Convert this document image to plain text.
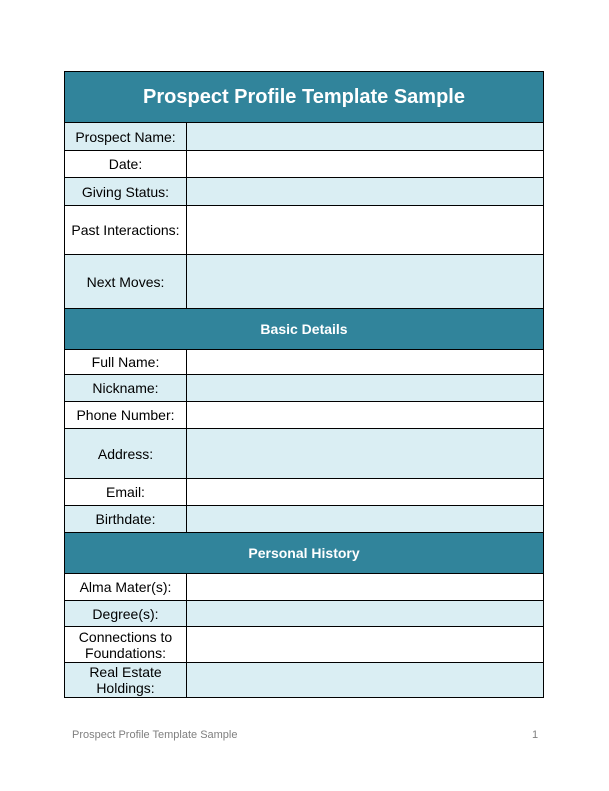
Prospect Profile Template Sample	
Prospect Name:	
Date:	
Giving Status:	
Past Interactions:	
Next Moves:	
Basic Details	
Full Name:	
Nickname:	
Phone Number:	
Address:	
Email:	
Birthdate:	
Personal History	
Alma Mater(s):	
Degree(s):	
Connections to Foundations:	
Real Estate Holdings:	
Prospect Profile Template Sample	1
